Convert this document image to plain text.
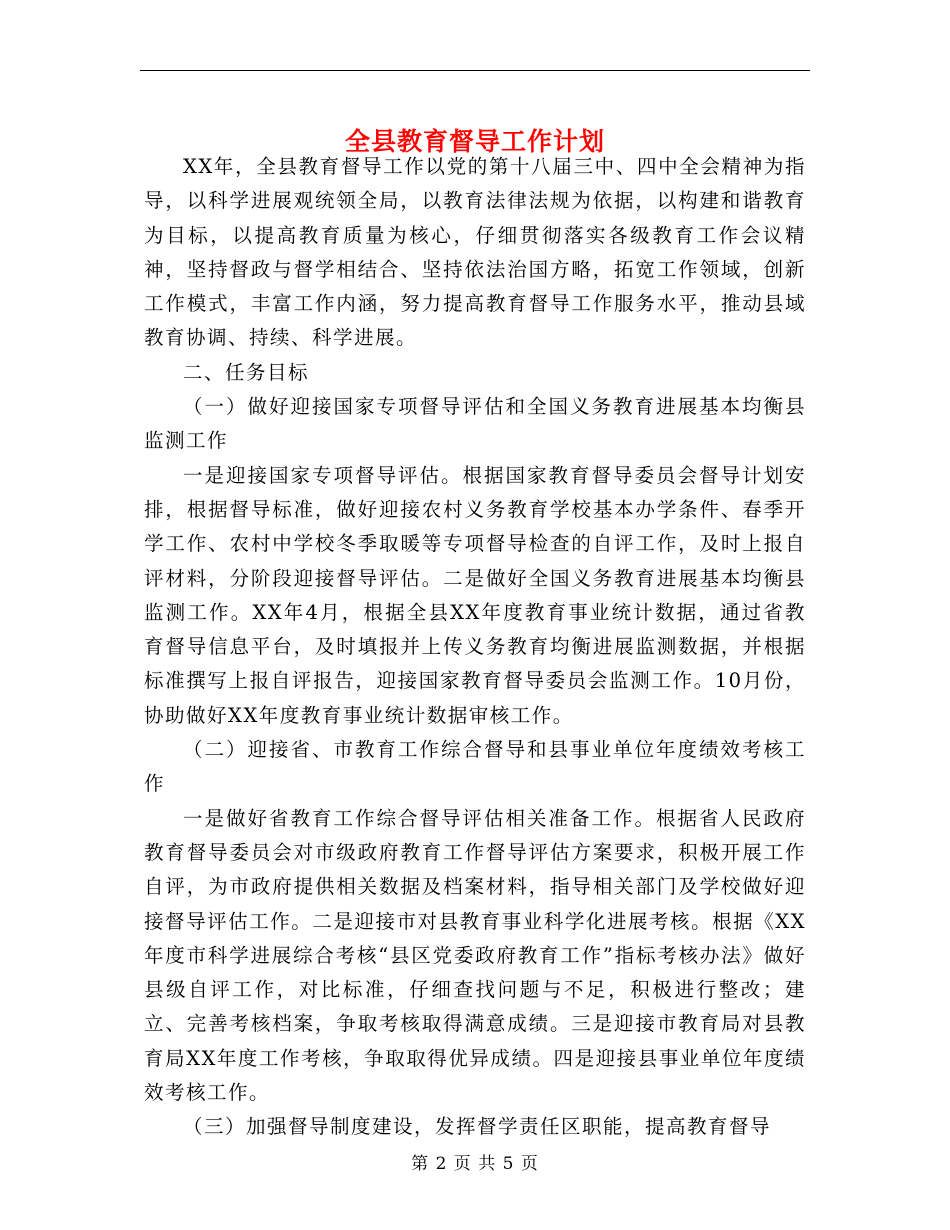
全县教育督导工作计划

XX年，全县教育督导工作以党的第十八届三中、四中全会精神为指导，以科学进展观统领全局，以教育法律法规为依据，以构建和谐教育为目标，以提高教育质量为核心，仔细贯彻落实各级教育工作会议精神，坚持督政与督学相结合、坚持依法治国方略，拓宽工作领域，创新工作模式，丰富工作内涵，努力提高教育督导工作服务水平，推动县域教育协调、持续、科学进展。

二、任务目标

（一）做好迎接国家专项督导评估和全国义务教育进展基本均衡县监测工作

一是迎接国家专项督导评估。根据国家教育督导委员会督导计划安排，根据督导标准，做好迎接农村义务教育学校基本办学条件、春季开学工作、农村中学校冬季取暖等专项督导检查的自评工作，及时上报自评材料，分阶段迎接督导评估。二是做好全国义务教育进展基本均衡县监测工作。XX年4月，根据全县XX年度教育事业统计数据，通过省教育督导信息平台，及时填报并上传义务教育均衡进展监测数据，并根据标准撰写上报自评报告，迎接国家教育督导委员会监测工作。10月份，协助做好XX年度教育事业统计数据审核工作。

（二）迎接省、市教育工作综合督导和县事业单位年度绩效考核工作

一是做好省教育工作综合督导评估相关准备工作。根据省人民政府教育督导委员会对市级政府教育工作督导评估方案要求，积极开展工作自评，为市政府提供相关数据及档案材料，指导相关部门及学校做好迎接督导评估工作。二是迎接市对县教育事业科学化进展考核。根据《XX年度市科学进展综合考核“县区党委政府教育工作”指标考核办法》做好县级自评工作，对比标准，仔细查找问题与不足，积极进行整改；建立、完善考核档案，争取考核取得满意成绩。三是迎接市教育局对县教育局XX年度工作考核，争取取得优异成绩。四是迎接县事业单位年度绩效考核工作。

（三）加强督导制度建设，发挥督学责任区职能，提高教育督导

第 2 页 共 5 页
